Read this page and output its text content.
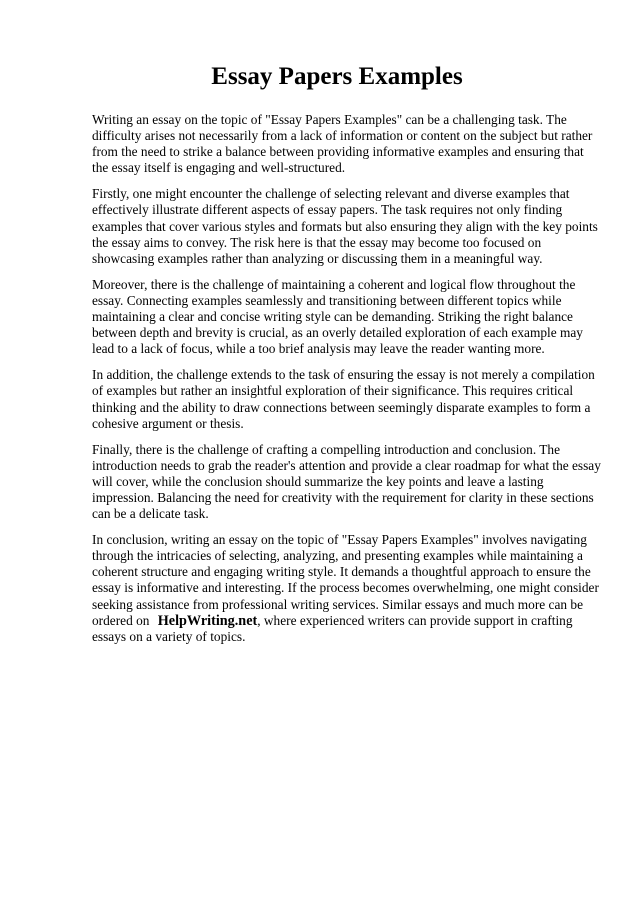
Essay Papers Examples

Writing an essay on the topic of "Essay Papers Examples" can be a challenging task. The difficulty arises not necessarily from a lack of information or content on the subject but rather from the need to strike a balance between providing informative examples and ensuring that the essay itself is engaging and well-structured.

Firstly, one might encounter the challenge of selecting relevant and diverse examples that effectively illustrate different aspects of essay papers. The task requires not only finding examples that cover various styles and formats but also ensuring they align with the key points the essay aims to convey. The risk here is that the essay may become too focused on showcasing examples rather than analyzing or discussing them in a meaningful way.

Moreover, there is the challenge of maintaining a coherent and logical flow throughout the essay. Connecting examples seamlessly and transitioning between different topics while maintaining a clear and concise writing style can be demanding. Striking the right balance between depth and brevity is crucial, as an overly detailed exploration of each example may lead to a lack of focus, while a too brief analysis may leave the reader wanting more.

In addition, the challenge extends to the task of ensuring the essay is not merely a compilation of examples but rather an insightful exploration of their significance. This requires critical thinking and the ability to draw connections between seemingly disparate examples to form a cohesive argument or thesis.

Finally, there is the challenge of crafting a compelling introduction and conclusion. The introduction needs to grab the reader's attention and provide a clear roadmap for what the essay will cover, while the conclusion should summarize the key points and leave a lasting impression. Balancing the need for creativity with the requirement for clarity in these sections can be a delicate task.

In conclusion, writing an essay on the topic of "Essay Papers Examples" involves navigating through the intricacies of selecting, analyzing, and presenting examples while maintaining a coherent structure and engaging writing style. It demands a thoughtful approach to ensure the essay is informative and interesting. If the process becomes overwhelming, one might consider seeking assistance from professional writing services. Similar essays and much more can be ordered on HelpWriting.net, where experienced writers can provide support in crafting essays on a variety of topics.
